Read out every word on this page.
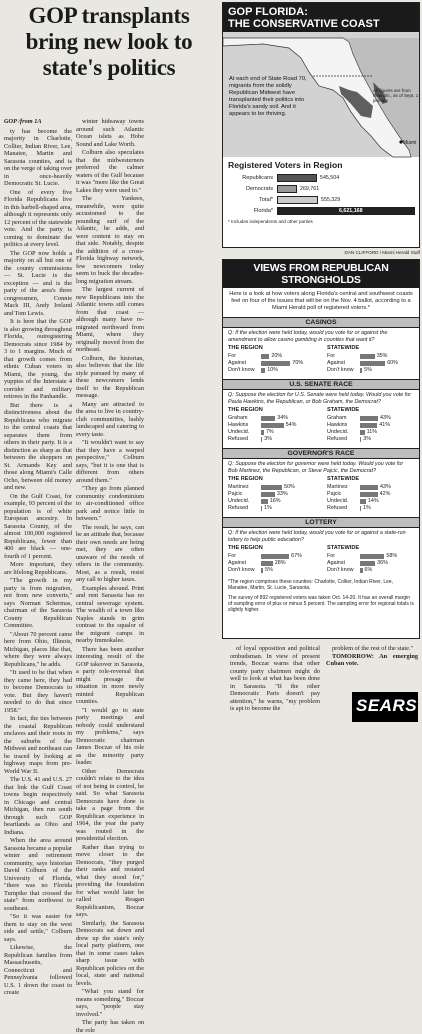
GOP transplants bring new look to state's politics

GOP /from 1A

ty has become the majority in Charlotte, Collier, Indian River, Lee, Manatee, Martin and Sarasota counties, and is on the verge of taking over in once-heavily Democratic St. Lucie.

One of every five Florida Republicans live in this harbell-shaped area, although it represents only 12 percent of the statewide vote. And the party is coming to dominate the politics at every level.

The GOP now holds a majority on all but one of the county commissions — St. Lucie is the exception — and is the party of the area's three congressmen, Connie Mack III, Andy Ireland and Tom Lewis.

It is here that the GOP is also growing throughout Florida, outregistering Democrats since 1984 by 3 to 1 margins. Much of that growth comes from ethnic Cuban voters in Miami, the young, the yuppies of the Interstate 4 corridor and military retirees in the Panhandle.

But there is a distinctiveness about the Republicans who migrate to the central coasts that separates them from others in their party. It is a distinction as sharp as that between the shoppers on St. Armands Key and those along Miami's Calle Ocho, between old money and new.

On the Gulf Coast, for example, 93 percent of the population is of white European ancestry. In Sarasota County, of the almost 100,000 registered Republicans, fewer than 400 are black — one-fourth of 1 percent.

More important, they are lifelong Republicans.

"The growth in my party is from migration, not from new converts," says Norman Schermas, chairman of the Sarasota County Republican Committee.

"About 70 percent came here from Ohio, Illinois, Michigan, places like that, where they were always Republicans," he adds.

"It used to be that when they came here, they had to become Democrats to vote. But they haven't needed to do that since 1958."

In fact, the ties between the coastal Republican enclaves and their roots in the suburbs of the Midwest and northeast can be traced by looking at highway maps from pre-World War II.

The U.S. 41 and U.S. 27 that link the Gulf Coast towns begin respectively in Chicago and central Michigan, then run south through such GOP heartlands as Ohio and Indiana.

When the area around Sarasota became a popular winter and retirement community, says historian David Colburn of the University of Florida, "there was no Florida Turnpike that crossed the state" from northwest to southeast.

"So it was easier for them to stay on the west side and settle," Colburn says.

Likewise, the Republican families from Massachusetts, Connecticut and Pennsylvania followed U.S. 1 down the coast to create

winter hideaway towns around such Atlantic Ocean islets as Hobe Sound and Lake Worth.

Colburn also speculates that the midwesterners preferred the calmer waters of the Gulf because it was "more like the Great Lakes they were used to."

The Yankees, meanwhile, were quite accustomed to the pounding surf of the Atlantic, he adds, and were content to stay on that side. Notably, despite the addition of a cross-Florida highway network, few newcomers today seem to buck the decades-long migration stream.

The largest current of new Republicans into the Atlantic towns still comes from that coast — although many have re-migrated northward from Miami, where they originally moved from the northeast.

Colburn, the historian, also believes that the life style pursued by many of these newcomers lends itself to the Republican message.

Many are attracted to the area to live in country-club communities, lushly landscaped and catering to every taste.

"It wouldn't want to say that they have a warped perspective," Colburn says, "but it is one that is different from others around them."

"They go from planned community condominium to air-conditioned office park and notice little in between."

The result, he says, can be an attitude that, because their own needs are being met, they are often unaware of the needs of others in the community. Most, as a result, resist any call to higher taxes.

Examples abound. Print and rent Sarasota has no central sewerage system. The wealth of a town like Naples stands in grim contrast to the squalor of the migrant camps in nearby Immokalee.

There has been another interesting result of the GOP takeover in Sarasota, a party role-reversal that might presage the situation in more newly minted Republican counties.

"I would go to state party meetings and nobody could understand my problems," says Democratic chairman James Boczar of his role as the minority party leader.

Other Democrats couldn't relate to the idea of not being in control, he said. So what Sarasota Democrats have done is take a page from the Republican experience in 1964, the year the party was routed in the presidential election.

Rather than trying to move closer to the Democrats, "they purged their ranks and restated what they stood for," providing the foundation for what would later be called Reagan Republicanism, Boczar says.

Similarly, the Sarasota Democrats sat down and drew up the state's only local party platform, one that in some cases takes sharp issue with Republican policies on the local, state and national levels.

"What you stand for means something," Boczar says, "people stay involved."

The party has taken on the role

of loyal opposition and political ombudsman. In view of present trends, Boczar warns that other county party chairmen might do well to look at what has been done in Sarasota. "If the other Democratic Parts doesn't pay attention," he warns, "my problem is apt to become the

problem of the rest of the state."

TOMORROW: An emerging Cuban vote.

GOP FLORIDA:
THE CONSERVATIVE COAST
At each end of State Road 70, migrants from the solidly Republican Midwest have transplanted their politics into Florida's sandy soil. And it appears to be thriving.
All figures are from Republic, as of Sept. 1 primary
Miami
Registered Voters in Region
Republicans	545,504
Democrats	269,761
Total*	555,329
Florida*	6,621,168
* Includes independents and other parties
DAN CLIFFORD / Miami Herald Staff
VIEWS FROM REPUBLICAN STRONGHOLDS
Here is a look at how voters along Florida's central and southwest coasts feel on four of the issues that will be on the Nov. 4 ballot, according to a Miami Herald poll of registered voters.*
CASINOS
Q: If the election were held today, would you vote for or against the amendment to allow casino gambling in counties that want it?
THE REGION	STATEWIDE
For	20%	For	35%
Against	70%	Against	60%
Don't know 10%	Don't know 5%
U.S. SENATE RACE
Q: Suppose the election for U.S. Senate were held today. Would you vote for Paula Hawkins, the Republican, or Bob Graham, the Democrat?
THE REGION	STATEWIDE
Graham	34%	Graham	43%
Hawkins	54%	Hawkins	41%
Undecid.	7%	Undecid.	11%
Refused	3%	Refused	3%
GOVERNOR'S RACE
Q: Suppose the election for governor were held today. Would you vote for Bob Martinez, the Republican, or Steve Pajcic, the Democrat?
THE REGION	STATEWIDE
Martinez	50%	Martinez	43%
Pajcic	33%	Pajcic	42%
Undecid.	16%	Undecid.	14%
Refused	1%	Refused	1%
LOTTERY
Q: If the election were held today, would you vote for or against a state-run lottery to help public education?
THE REGION	STATEWIDE
For	67%	For	58%
Against	28%	Against	36%
Don't know 5%	Don't know 6%
*The region comprises these counties: Charlotte, Collier, Indian River, Lee, Manatee, Martin, St. Lucie, Sarasota.
The survey of 892 registered voters was taken Oct. 14-20. It has an overall margin of sampling error of plus or minus 5 percent. The sampling error for regional totals is slightly higher.
SEARS
